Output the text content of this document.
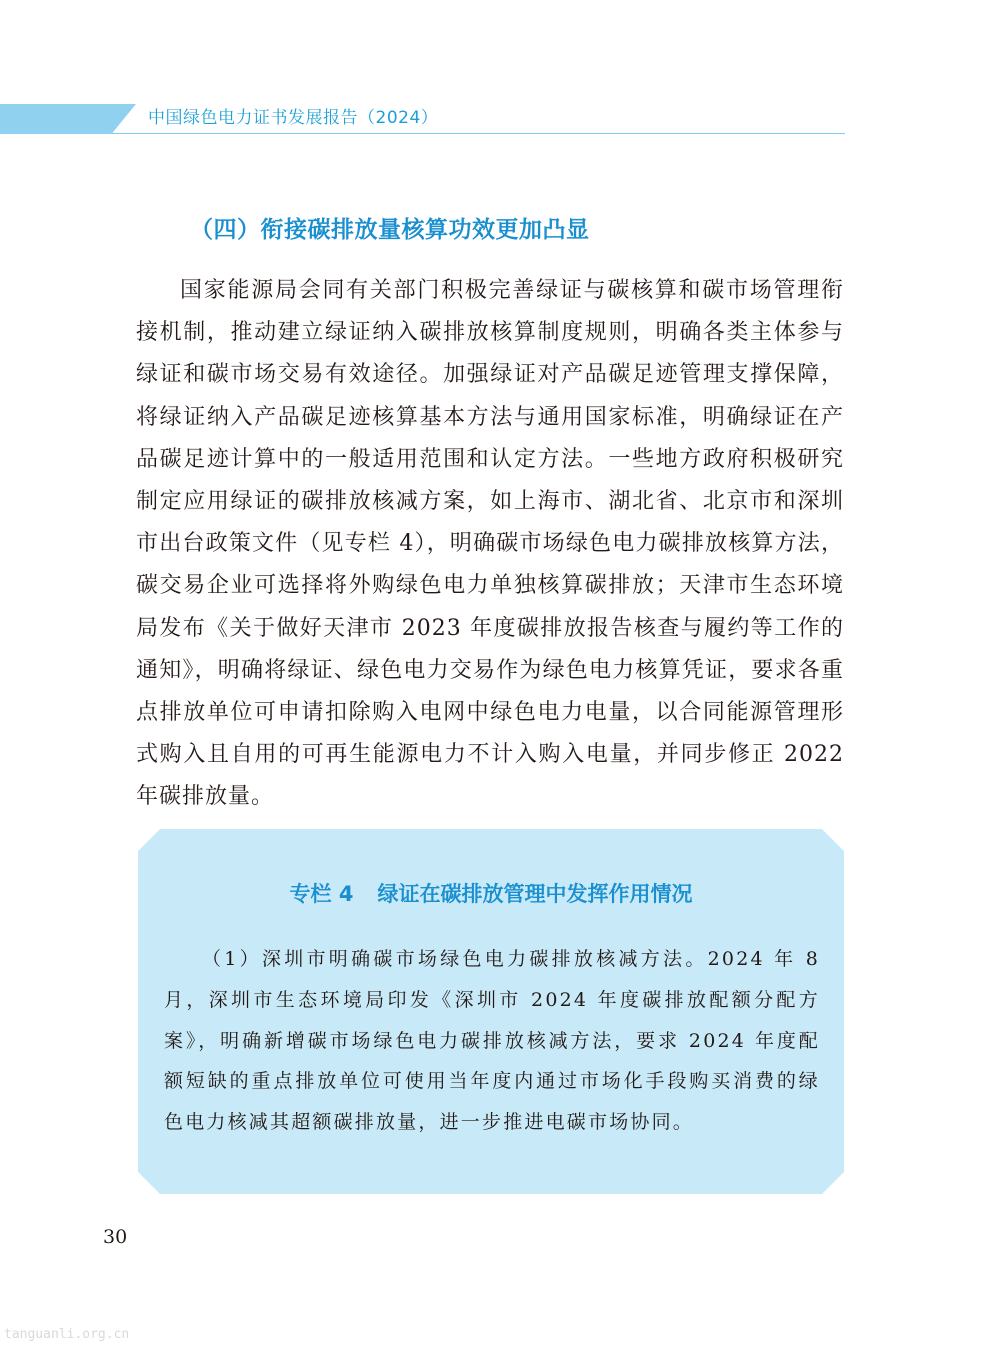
中国绿色电力证书发展报告（2024）
（四）衔接碳排放量核算功效更加凸显

国家能源局会同有关部门积极完善绿证与碳核算和碳市场管理衔接机制，推动建立绿证纳入碳排放核算制度规则，明确各类主体参与绿证和碳市场交易有效途径。加强绿证对产品碳足迹管理支撑保障，将绿证纳入产品碳足迹核算基本方法与通用国家标准，明确绿证在产品碳足迹计算中的一般适用范围和认定方法。一些地方政府积极研究制定应用绿证的碳排放核减方案，如上海市、湖北省、北京市和深圳市出台政策文件（见专栏 4），明确碳市场绿色电力碳排放核算方法，碳交易企业可选择将外购绿色电力单独核算碳排放；天津市生态环境局发布《关于做好天津市 2023 年度碳排放报告核查与履约等工作的通知》，明确将绿证、绿色电力交易作为绿色电力核算凭证，要求各重点排放单位可申请扣除购入电网中绿色电力电量，以合同能源管理形式购入且自用的可再生能源电力不计入购入电量，并同步修正 2022 年碳排放量。

专栏 4 绿证在碳排放管理中发挥作用情况

（1）深圳市明确碳市场绿色电力碳排放核减方法。2024 年 8 月，深圳市生态环境局印发《深圳市 2024 年度碳排放配额分配方案》，明确新增碳市场绿色电力碳排放核减方法，要求 2024 年度配额短缺的重点排放单位可使用当年度内通过市场化手段购买消费的绿色电力核减其超额碳排放量，进一步推进电碳市场协同。

30
tanguanli.org.cn
